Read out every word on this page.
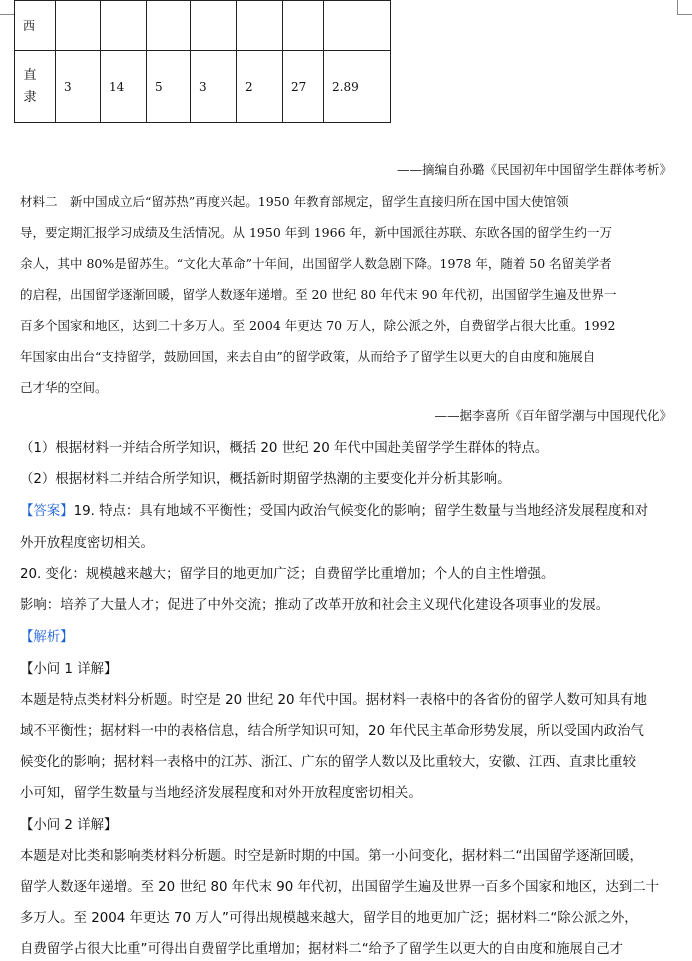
西							
直隶	3	14	5	3	2	27	2.89

——摘编自孙璐《民国初年中国留学生群体考析》

材料二　新中国成立后“留苏热”再度兴起。1950 年教育部规定，留学生直接归所在国中国大使馆领

导，要定期汇报学习成绩及生活情况。从 1950 年到 1966 年，新中国派往苏联、东欧各国的留学生约一万

余人，其中 80%是留苏生。“文化大革命”十年间，出国留学人数急剧下降。1978 年，随着 50 名留美学者

的启程，出国留学逐渐回暖，留学人数逐年递增。至 20 世纪 80 年代末 90 年代初，出国留学生遍及世界一

百多个国家和地区，达到二十多万人。至 2004 年更达 70 万人，除公派之外，自费留学占很大比重。1992

年国家由出台“支持留学，鼓励回国，来去自由”的留学政策，从而给予了留学生以更大的自由度和施展自

己才华的空间。

——据李喜所《百年留学潮与中国现代化》

（1）根据材料一并结合所学知识，概括 20 世纪 20 年代中国赴美留学学生群体的特点。

（2）根据材料二并结合所学知识，概括新时期留学热潮的主要变化并分析其影响。

【答案】19. 特点：具有地域不平衡性；受国内政治气候变化的影响；留学生数量与当地经济发展程度和对

外开放程度密切相关。

20. 变化：规模越来越大；留学目的地更加广泛；自费留学比重增加；个人的自主性增强。

影响：培养了大量人才；促进了中外交流；推动了改革开放和社会主义现代化建设各项事业的发展。

【解析】

【小问 1 详解】

本题是特点类材料分析题。时空是 20 世纪 20 年代中国。据材料一表格中的各省份的留学人数可知具有地

域不平衡性；据材料一中的表格信息，结合所学知识可知，20 年代民主革命形势发展，所以受国内政治气

候变化的影响；据材料一表格中的江苏、浙江、广东的留学人数以及比重较大，安徽、江西、直隶比重较

小可知，留学生数量与当地经济发展程度和对外开放程度密切相关。

【小问 2 详解】

本题是对比类和影响类材料分析题。时空是新时期的中国。第一小问变化，据材料二“出国留学逐渐回暖，

留学人数逐年递增。至 20 世纪 80 年代末 90 年代初，出国留学生遍及世界一百多个国家和地区，达到二十

多万人。至 2004 年更达 70 万人”可得出规模越来越大，留学目的地更加广泛；据材料二“除公派之外，

自费留学占很大比重”可得出自费留学比重增加；据材料二“给予了留学生以更大的自由度和施展自己才
